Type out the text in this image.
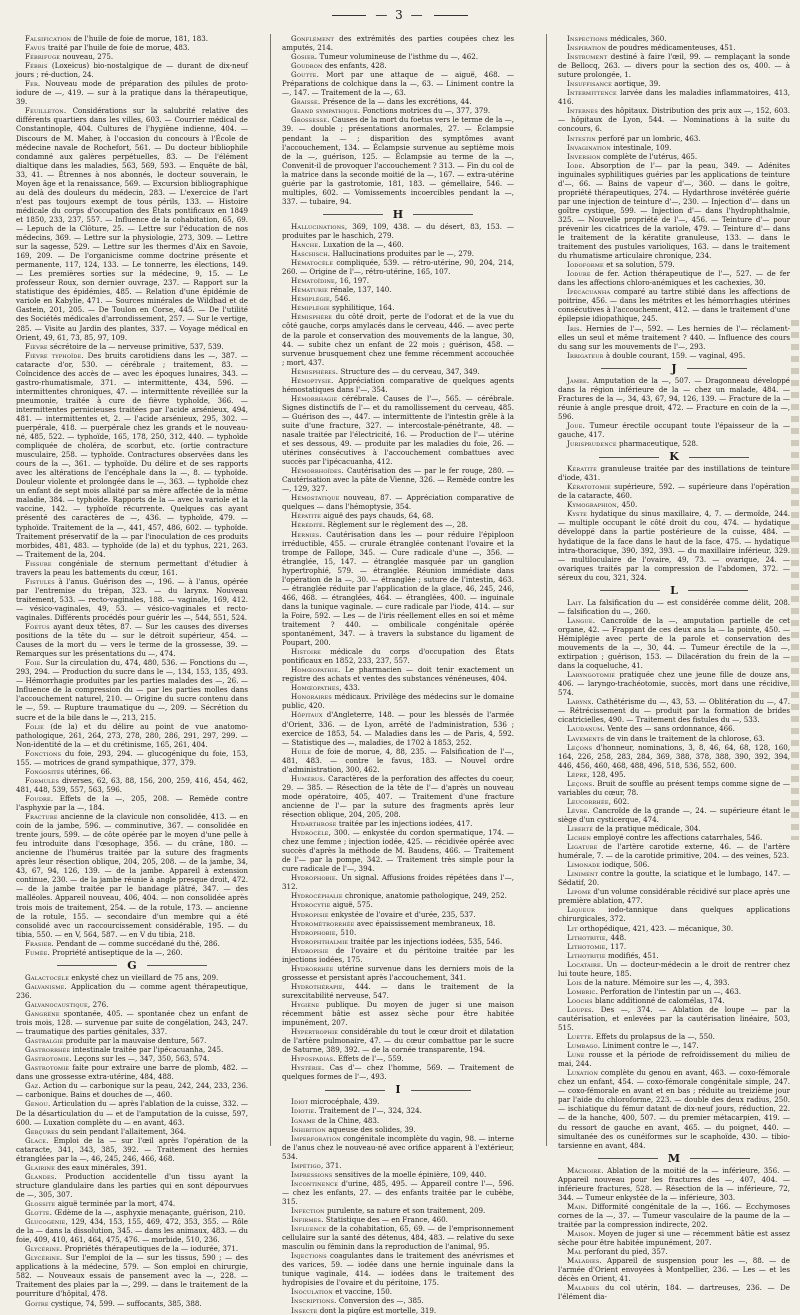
— 3 —

Falsification de l'huile de foie de morue, 181, 183.

Favus traité par l'huile de foie de morue, 483.

Fébrifuge nouveau, 275.

Fébris (Loxeicus) bio-nostalgique de — durant de dix-neuf jours ; ré-duction, 24.

Fer. Nouveau mode de préparation des pilules de proto-iodure de —, 419. — sur à la pratique dans la thérapeutique, 39.

Feuilleton. Considérations sur la salubrité relative des différents quartiers dans les villes, 603. — Courrier médical de Constantinople, 404. Cultures de l'hygiène indienne, 404. — Discours de M. Maher, à l'occasion du concours à l'École de médecine navale de Rochefort, 561. — Du docteur bibliophile condamné aux galères perpétuelles, 83. — De l'élément dialtique dans les maladies, 563, 569, 593. — Enquête de bâl, 33, 41. — Étrennes à nos abonnés, le docteur souverain, le Moyen âge et la renaissance, 569. — Excursion bibliographique au delà des douleurs du médecin, 283. — L'exercice de l'art n'est pas toujours exempt de tous périls, 133. — Histoire médicale du corps d'occupation des États pontificaux en 1849 et 1850, 233, 237, 557. — Influence de la cohabitation, 65, 69. — Lepuch de la Clôture, 25. — Lettre sur l'éducation de nos médecins, 369. — Lettre sur la physiologie, 273, 309. — Lettre sur la sagesse, 529. — Lettre sur les thermes d'Aix en Savoie, 169, 209. — De l'organicisme comme doctrine présente et permanente, 117, 124, 133. — Le tonnerre, les élections, 149. — Les premières sorties sur la médecine, 9, 15. — Le professeur Roux, son dernier ouvrage, 237. — Rapport sur la statistique des épidémies, 485. — Relation d'une épidémie de variole en Kabylie, 471. — Sources minérales de Wildbad et de Gastein, 201, 205. — De Toulon en Corse, 445. — De l'utilité des Sociétés médicales d'arrondissement, 257. — Sur le vertige, 285. — Visite au Jardin des plantes, 337. — Voyage médical en Orient, 49, 61, 73, 85, 97, 109.

Fièvre sécrétoire de la — nerveuse primitive, 537, 539.

Fièvre typhoïde. Des bruits carotidiens dans les —, 387. — cataracte d'or, 530. — cérébrale ; traitement, 83. — Coïncidence des accès de — avec les époques lunaires, 343. — gastro-rhumatismale, 371. — intermittente, 434, 596. — intermittentes chroniques, 47. — intermittente réveillée sur la pneumonie, traitée à cure de fièvre typhoïde, 366. — intermittentes pernicieuses traitées par l'acide arsénieux, 494, 481. — intermittentes et, 2. — l'acide arsénieux, 295, 302. — puerpérale, 418. — puerpérale chez les grands et le nouveau-né, 485, 522. — typhoïde, 165, 178, 250, 312, 440. — typhoïde compliquée de choléra, de scorbut, etc. (ortie contracture musculaire, 258. — typhoïde. Contractures observées dans les cours de la —, 361. — typhoïde. Du délire et de ses rapports avec les altérations de l'encéphale dans la —, 8. — typhoïde. Douleur violente et prolongée dans le —, 363. — typhoïde chez un enfant de sept mois allaité par sa mère affectée de la même maladie, 384. — typhoïde. Rapports de la — avec la variole et la vaccine, 142. — typhoïde récurrente. Quelques cas ayant présenté des caractères de —, 436. — typhoïde, 479. — typhoïde. Traitement de la —, 441, 457, 486, 602. — typhoïde. Traitement préservatif de la — par l'inoculation de ces produits morbides, 481, 483. — typhoïde (de la) et du typhus, 221, 263. — Traitement de la, 204.

Fissure congéniale de sternum permettant d'étudier à travers la peau les battements du cœur, 161.

Fistules à l'anus. Guérison des —, 196. — à l'anus, opérée par l'entremise du trépan, 323. — du larynx. Nouveau traitement, 533. — recto-vaginales, 188. — vaginale, 169, 412. — vésico-vaginales, 49, 53. — vésico-vaginales et recto-vaginales. Différents procédés pour guérir les —, 544, 551, 524.

Foetus ayant deux têtes, 87. — Sur les causes des diverses positions de la tête du — sur le détroit supérieur, 454. — Causes de la mort du — vers le terme de la grossesse, 39. — Remarques sur les présentations du —, 474.

Foie. Sur la circulation du, 474, 480, 536. — Fonctions du —, 293, 294. — Production du sucre dans le —, 134, 153, 135, 493. — Hémorrhagie produites par les parties malades des —, 26. — Influence de la compression du — par les parties molles dans l'accouchement naturel, 210. — Origine du sucre contenu dans le —, 59. — Rupture traumatique du —, 209. — Sécrétion du sucre et de la bile dans le —, 213, 215.

Folie (de la) et du délire au point de vue anatomo-pathologique, 261, 264, 273, 278, 280, 286, 291, 297, 299. — Non-identité de la — et du crétinisme, 165, 261, 404.

Fonctions du foie, 293, 294. — glucogénique du foie, 153, 155. — motrices de grand sympathique, 377, 379.

Fongosités utérines, 66.

Formules diverses, 62, 63, 88, 156, 200, 259, 416, 454, 462, 481, 448, 539, 557, 563, 596.

Foudre. Effets de la —, 205, 208. — Remède contre l'asphyxie par la —, 184.

Fracture ancienne de la clavicule non consolidée, 413. — en coin de la jambe, 596. — comminutive, 367. — consolidée en trente jours, 599. — de côte opérée par le moyen d'une pelle à feu introduite dans l'œsophage, 356. — du crâne, 180. — ancienne de l'humérus traitée par la suture des fragments après leur résection oblique, 204, 205, 208. — de la jambe, 34, 43, 67, 94, 126, 139. — de la jambe. Appareil à extension continue, 230. — de la jambe réunie à angle presque droit, 472. — de la jambe traitée par le bandage plâtré, 347. — des malléoles. Appareil nouveau, 406, 404. — non consolidée après trois mois de traitement, 254. — de la rotule, 173. — ancienne de la rotule, 155. — secondaire d'un membre qui a été consolidé avec un raccourcissement considérable, 195. — du tibia, 550. — en V, 564, 587. — en V du tibia, 218.

Frasier. Pendant de — comme succédané du thé, 286.

Fumée. Propriété antiseptique de la —, 260.

G

Galactocèle enkysté chez un vieillard de 75 ans, 209.

Galvanisme. Application du — comme agent thérapeutique, 236.

Galvanocaustique, 276.

Gangrène spontanée, 405. — spontanée chez un enfant de trois mois, 128. — survenue par suite de congélation, 243, 247. — traumatique des parties génitales, 337.

Gastralgie produite par la mauvaise denture, 567.

Gastrorrhée intestinale traitée par l'ipécacuanha, 245.

Gastrotomie. Leçons sur les —, 347, 350, 563, 574.

Gastrotomie faite pour extraire une barre de plomb, 482. — dans une grossesse extra-utérine, 484, 488.

Gaz. Action du — carbonique sur la peau, 242, 244, 233, 236. — carbonique. Bains et douches de —, 460.

Genou. Articulation du — après l'ablation de la cuisse, 332. — De la désarticulation du — et de l'amputation de la cuisse, 597, 600. — Luxation complète du — en avant, 463.

Gerçures du sein pendant l'allaitement, 364.

Glace. Emploi de la — sur l'œil après l'opération de la cataracte, 341, 343, 385, 392. — Traitement des hernies étranglées par la —, 46, 245, 246, 466, 468.

Glairine des eaux minérales, 391.

Glandes. Production accidentelle d'un tissu ayant la structure glandulaire dans les parties qui en sont dépourvues de —, 305, 307.

Glossite aiguë terminée par la mort, 474.

Glotte. Œdème de la —, asphyxie menaçante, guérison, 210.

Glucogénie, 129, 434, 153, 155, 469, 472, 353, 355. — Rôle de la — dans la dissolution, 345. — dans les animaux, 483. — du foie, 409, 410, 461, 464, 475, 476. — morbide, 510, 236.

Glycérine. Propriétés thérapeutiques de la — iodurée, 371.

Glycérine. Sur l'emploi de la — sur les tissus, 590 ; — des applications à la médecine, 579. — Son emploi en chirurgie, 582. — Nouveaux essais de pansement avec la —, 228. — Traitement des plaies par la —, 299. — dans le traitement de la pourriture d'hôpital, 478.

Goitre cystique, 74, 599. — suffocants, 385, 388.

Gonflement des extrémités des parties coupées chez les amputés, 214.

Gosier. Tumeur volumineuse de l'isthme du —, 462.

Goudron des enfants, 428.

Goutte. Mort par une attaque de — aiguë, 468. — Préparations de colchique dans la —, 63. — Liniment contre la —, 147. — Traitement de la —, 63.

Graisse. Présence de la — dans les excrétions, 44.

Grand sympathique. Fonctions motrices du —, 377, 379.

Grossesse. Causes de la mort du foetus vers le terme de la —, 39. — double ; présentations anormales, 27. — Éclampsie pendant la — ; disparition des symptômes avant l'accouchement, 134. — Éclampsie survenue au septième mois de la —, guérison, 125. — Éclampsie au terme de la —, Convenit-il de provoquer l'accouchement ? 313. — Fin du col de la matrice dans la seconde moitié de la —, 167. — extra-utérine guérie par la gastrotomie, 181, 183. — gémellaire, 546. — multiples, 602. — Vomissements incoercibles pendant la —, 337. — tubaire, 94.

H

Hallucinations, 369, 109, 438. — du désert, 83, 153. — produites par le haschich, 279.

Hanche. Luxation de la —, 460.

Haschisch. Hallucinations produites par le —, 279.

Hématocèle compliquée, 539. — rétro-utérine, 90, 204, 214, 260. — Origine de l'—, rétro-utérine, 165, 107.

Hématoïdine, 16, 197.

Hématurie rénale, 137, 140.

Hémiplégie, 546.

Hémiplégie syphilitique, 164.

Hémisphère du côté droit, perte de l'odorat et de la vue du côté gauche, corps amylacés dans le cerveau, 446. — avec perte de la parole et conservation des mouvements de la langue, 30, 44. — subite chez un enfant de 22 mois ; guérison, 458. — survenue brusquement chez une femme récemment accouchée ; mort, 437.

Hémisphères. Structure des — du cerveau, 347, 349.

Hémoptysie. Appréciation comparative de quelques agents hémostatiques dans l'—, 354.

Hémorrhagie cérébrale. Causes de l'—, 565. — cérébrale. Signes distinctifs de l'— et du ramollissement du cerveau, 485. — Guérison des —, 447. — intermittente de l'intestin grêle à la suite d'une fracture, 327. — intercostale-pénétrante, 48. — nasale traitée par l'électricité, 16. — Production de l'— utérine et ses dessous, 49. — produite par les maladies du foie, 26. — utérines consécutives à l'accouchement combattues avec succès par l'ipécacuanha, 412.

Hémorrhoïdes. Cautérisation des — par le fer rouge, 280. — Cautérisation avec la pâte de Vienne, 326. — Remède contre les —, 129, 327.

Hémostatique nouveau, 87. — Appréciation comparative de quelques — dans l'hémoptysie, 354.

Hépatite aiguë des pays chauds, 64, 68.

Hérédité. Règlement sur le règlement des —, 28.

Hernies. Cautérisation dans les — pour réduire l'épiploon irréductible, 455. — crurale étranglée contenant l'ovaire et la trompe de Fallope, 345. — Cure radicale d'une —, 356. — étranglée, 15, 147. — étranglée masquée par un ganglion hypertrophié, 579. — étranglée. Réunion immédiate dans l'opération de la —, 30. — étranglée ; suture de l'intestin, 463. — étranglée réduite par l'application de la glace, 46, 245, 246, 466, 468. — étranglées, 464. — étranglées, 400. — inguinale dans la tunique vaginale. — cure radicale par l'iode, 414. — sur la Foire, 592. — Les — de l'iris réellement elles en soi et même traitement ? 440. — ombilicale congénitale opérée spontanément, 347. — à travers la substance du ligament de Poupart, 200.

Histoire médicale du corps d'occupation des États pontificaux en 1852, 233, 237, 557.

Homœopathie. Le pharmacien — doit tenir exactement un registre des achats et ventes des substances vénéneuses, 404.

Homœopathes, 433.

Honoraires médicaux. Privilège des médecins sur le domaine public, 420.

Hôpitaux d'Angleterre, 148. — pour les blessés de l'armée d'Orient, 336. — de Lyon, arrêté de l'administration, 536 ; exercice de 1853, 54. — Maladies dans les — de Paris, 4, 592. — Statistique des —, maladies, de 1702 à 1853, 252.

Huile de foie de morue, 4, 88, 235. — Falsification de l'—, 481, 483. — contre le favus, 183. — Nouvel ordre d'administration, 300, 462.

Humérus. Caractères de la perforation des affectes du coeur, 29. — 385. — Résection de la tête de l'— d'après un nouveau mode opératoire, 405, 407. — Traitement d'une fracture ancienne de l'— par la suture des fragments après leur résection oblique, 204, 205, 208.

Hydarthrose traitée par les injections iodées, 417.

Hydrocèle, 300. — enkystée du cordon spermatique, 174. — chez une femme ; injection iodée, 425. — récidivée opérée avec succès d'après la méthode de M. Baudens, 466. — Traitement de l'— par la pompe, 342. — Traitement très simple pour la cure radicale de l'—, 394.

Hydrophobie. Un signal. Affusions froides répétées dans l'—, 312.

Hydrocéphalie chronique, anatomie pathologique, 249, 252.

Hydrocytie aiguë, 575.

Hydropisie enkystée de l'ovaire et d'urée, 235, 537.

Hydrométrorrhée avec épaississement membraneux, 18.

Hydrophobie, 510.

Hydrophthalmie traitée par les injections iodées, 535, 546.

Hydropisie de l'ovaire et du péritoine traitée par les injections iodées, 175.

Hydrorrhée utérine survenue dans les derniers mois de la grossesse et persistant après l'accouchement, 341.

Hydrothérapie, 444. — dans le traitement de la surexcitabilité nerveuse, 547.

Hygiène publique. Du moyen de juger si une maison récemment bâtie est assez sèche pour être habitée impunément, 207.

Hypertrophie considérable du tout le cœur droit et dilatation de l'artère pulmonaire, 47. — du cœur combattue par le sucre de Saturne, 389, 392. — de la cornée transparente, 194.

Hypospadias. Effets de l'—, 559.

Hystérie. Cas d'— chez l'homme, 569. — Traitement de quelques formes de l'—, 493.

I

Idiot microcéphale, 439.

Idiotie. Traitement de l'—, 324, 324.

Igname de la Chine, 483.

Inhibition aqueuse des solides, 39.

Imperforation congénitale incomplète du vagin, 98. — interne de l'anus chez le nouveau-né avec orifice apparent à l'extérieur, 534.

Impétigo, 371.

Impressions sensitives de la moelle épinière, 109, 440.

Incontinence d'urine, 485, 495. — Appareil contre l'—, 596. — chez les enfants, 27. — des enfants traitée par le cubèbe, 315.

Infection purulente, sa nature et son traitement, 209.

Infirmes. Statistique des — en France, 460.

Influence de la cohabitation, 65, 69. — de l'emprisonnement cellulaire sur la santé des détenus, 484, 483. — relative du sexe masculin ou féminin dans la reproduction de l'animal, 95.

Injections coagulantes dans le traitement des anévrismes et des varices, 59. — iodée dans une hernie inguinale dans la tunique vaginale, 414. — iodées dans le traitement des hydropisies de l'ovaire et du péritoine, 175.

Inoculation et vaccine, 150.

Inscriptions. Conversion des —, 385.

Insecte dont la piqûre est mortelle, 319.

Inspections médicales, 360.

Inspiration de poudres médicamenteuses, 451.

Instrument destiné à faire l'œil, 99. — remplaçant la sonde de Bellocq, 263. — divers pour la section des os, 400. — à suture prolongée, 1.

Insuffisance aortique, 39.

Intermittence larvée dans les maladies inflammatoires, 413, 416.

Internes des hôpitaux. Distribution des prix aux —, 152, 603. — hôpitaux de Lyon, 544. — Nominations à la suite du concours, 6.

Intestin perforé par un lombric, 463.

Invagination intestinale, 109.

Inversion complète de l'utérus, 465.

Iode. Absorption de l'— par la peau, 349. — Adénites inguinales syphilitiques guéries par les applications de teinture d'—, 66. — Bains de vapeur d'—, 360. — dans le goître, propriété thérapeutiques, 274. — Hydarthrose invétérée guérie par une injection de teinture d'—, 230. — Injection d'— dans un goître cystique, 599. — Injection d'— dans l'hydrophthalmie, 325. — Nouvelle propriété de l'—, 456. — Teinture d'— pour prévenir les cicatrices de la variole, 479. — Teinture d'— dans le traitement de la kératite granuleuse, 133. — dans le traitement des pustules varioliques, 163. — dans le traitement du rhumatisme articulaire chronique, 234.

Iodoforme et sa solution, 579.

Iodure de fer. Action thérapeutique de l'—, 527. — de fer dans les affections chloro-anémiques et les cachexies, 30.

Ipécacuanha comparé au tartre stibié dans les affections de poitrine, 456. — dans les métrites et les hémorrhagies utérines consécutives à l'accouchement, 412. — dans le traitement d'une épilepsie idiopathique, 245.

Iris. Hernies de l'—, 592. — Les hernies de l'— réclament-elles un seul et même traitement ? 440. — Influence des cours du sang sur les mouvements de l'—, 293.

Irrigateur à double courant, 159. — vaginal, 495.

J

Jambe. Amputation de la —, 507. — Dragonneau développé dans la région inférieure de la — chez un malade, 484. — Fractures de la —, 34, 43, 67, 94, 126, 139. — Fracture de la — réunie à angle presque droit, 472. — Fracture en coin de la —, 596.

Joue. Tumeur érectile occupant toute l'épaisseur de la — gauche, 417.

Jurisprudence pharmaceutique, 528.

K

Kératite granuleuse traitée par des instillations de teinture d'iode, 431.

Kératotomie supérieure, 592. — supérieure dans l'opération de la cataracte, 460.

Kymographion, 450.

Kyste hydatique du sinus maxillaire, 4, 7. — dermoïde, 244. — multiple occupant le côté droit du cou, 474. — hydatique développé dans la partie postérieure de la cuisse, 484. — hydatique de la face dans le haut de la face, 475. — hydatique intra-thoracique, 390, 392, 393. — du maxillaire inférieur, 329. — multiloculaire de l'ovaire, 49, 73. — ovarique, 24. — ovariques traités par la compression de l'abdomen, 372. — séreux du cou, 321, 324.

L

Lait. La falsification du — est considérée comme délit, 208. — falsification du —, 260.

Langue. Cancroïde de la —, amputation partielle de cet organe, 42. — Frappant de ces deux ans la — la pointe, 450. — Hémiplégie avec perte de la parole et conservation des mouvements de la —, 30, 44. — Tumeur érectile de la —, extirpation ; guérison, 153. — Dilacération du frein de la — dans la coqueluche, 41.

Laryngotomie pratiquée chez une jeune fille de douze ans, 406. — laryngo-trachéotomie, succès, mort dans une récidive, 574.

Larynx. Cathétérisme du —, 43, 53. — Oblitération du —, 47. — Rétrécissement du — produit par la formation de brides cicatricielles, 490. — Traitement des fistules du —, 533.

Laudanum. Vente des — sans ordonnance, 466.

Lavements de vin dans le traitement de la chlorose, 63.

Leçons d'honneur, nominations, 3, 8, 46, 64, 68, 128, 160, 164, 226, 258, 283, 284, 369, 388, 378, 388, 390, 392, 394, 446, 456, 460, 468, 488, 496, 518, 536, 552, 600.

Lèpre, 128, 495.

Leçons. Bruit de souffle au présent temps comme signe de — variables du cœur, 78.

Leucorrhée, 602.

Lèvre. Cancroïde de la grande —, 24. — supérieure étant le siège d'un cysticerque, 474.

Liberté de la pratique médicale, 304.

Lichen employé contre les affections catarrhales, 546.

Ligature de l'artère carotide externe, 46. — de l'artère humérale, 7. — de la carotide primitive, 204. — des veines, 523.

Limonade iodique, 506.

Liniment contre la goutte, la sciatique et le lumbago, 147. — Sédatif, 20.

Lipome d'un volume considérable récidivé sur place après une première ablation, 477.

Liqueur iodo-tannique dans quelques applications chirurgicales, 372.

Lit orthopédique, 421, 423. — mécanique, 30.

Lithotritie, 448.

Lithotomie, 117.

Lithotritie modifiés, 451.

Locataire. Un — docteur-médecin a le droit de rentrer chez lui toute heure, 185.

Lois de la nature. Mémoire sur les —, 4, 393.

Lombric. Perforation de l'intestin par un —, 463.

Loochs blanc additionné de calomélas, 174.

Loupes. Des —, 374. — Ablation de loupe — par la cautérisation, et enlevées par la cautérisation linéaire, 503, 515.

Luette. Effets du prolapsus de la —, 550.

Lumbago. Liniment contre le —, 147.

Lune rousse et la période de refroidissement du milieu de mai, 244.

Luxation complète du genou en avant, 463. — coxo-fémorale chez un enfant, 454. — coxo-fémorale congénitale simple, 247. — coxo-fémorale en avant et en bas ; réduite au treizième jour par l'aide du chloroforme, 223. — double des deux radius, 250. — ischiatique du fémur datant de dix-neuf jours, réduction, 22. — de la hanche, 400, 507. — du premier métacarpien, 419. — du ressort de gauche en avant, 465. — du poignet, 440. — simultanée des os cunéiformes sur le scaphoïde, 430. — tibio-tarsienne en avant, 484.

M

Mâchoire. Ablation de la moitié de la — inférieure, 356. — Appareil nouveau pour les fractures des —, 407, 404. — inférieure fractures, 528. — Résection de la — inférieure, 72, 344. — Tumeur enkystée de la — inférieure, 303.

Main. Difformité congénitale de la —, 166. — Ecchymoses cornes de la —, 37. — Tumeur vasculaire de la paume de la — traitée par la compression indirecte, 202.

Maison. Moyen de juger si une — récemment bâtie est assez sèche pour être habitée impunément, 207.

Mal perforant du pied, 357.

Maladies. Appareil de suspension pour les —, 88. — de l'armée d'Orient envoyées à Montpellier, 236. — Les — et les décès en Orient, 41.

Maladies du col utérin, 184. — dartreuses, 236. — De l'élément dia-
